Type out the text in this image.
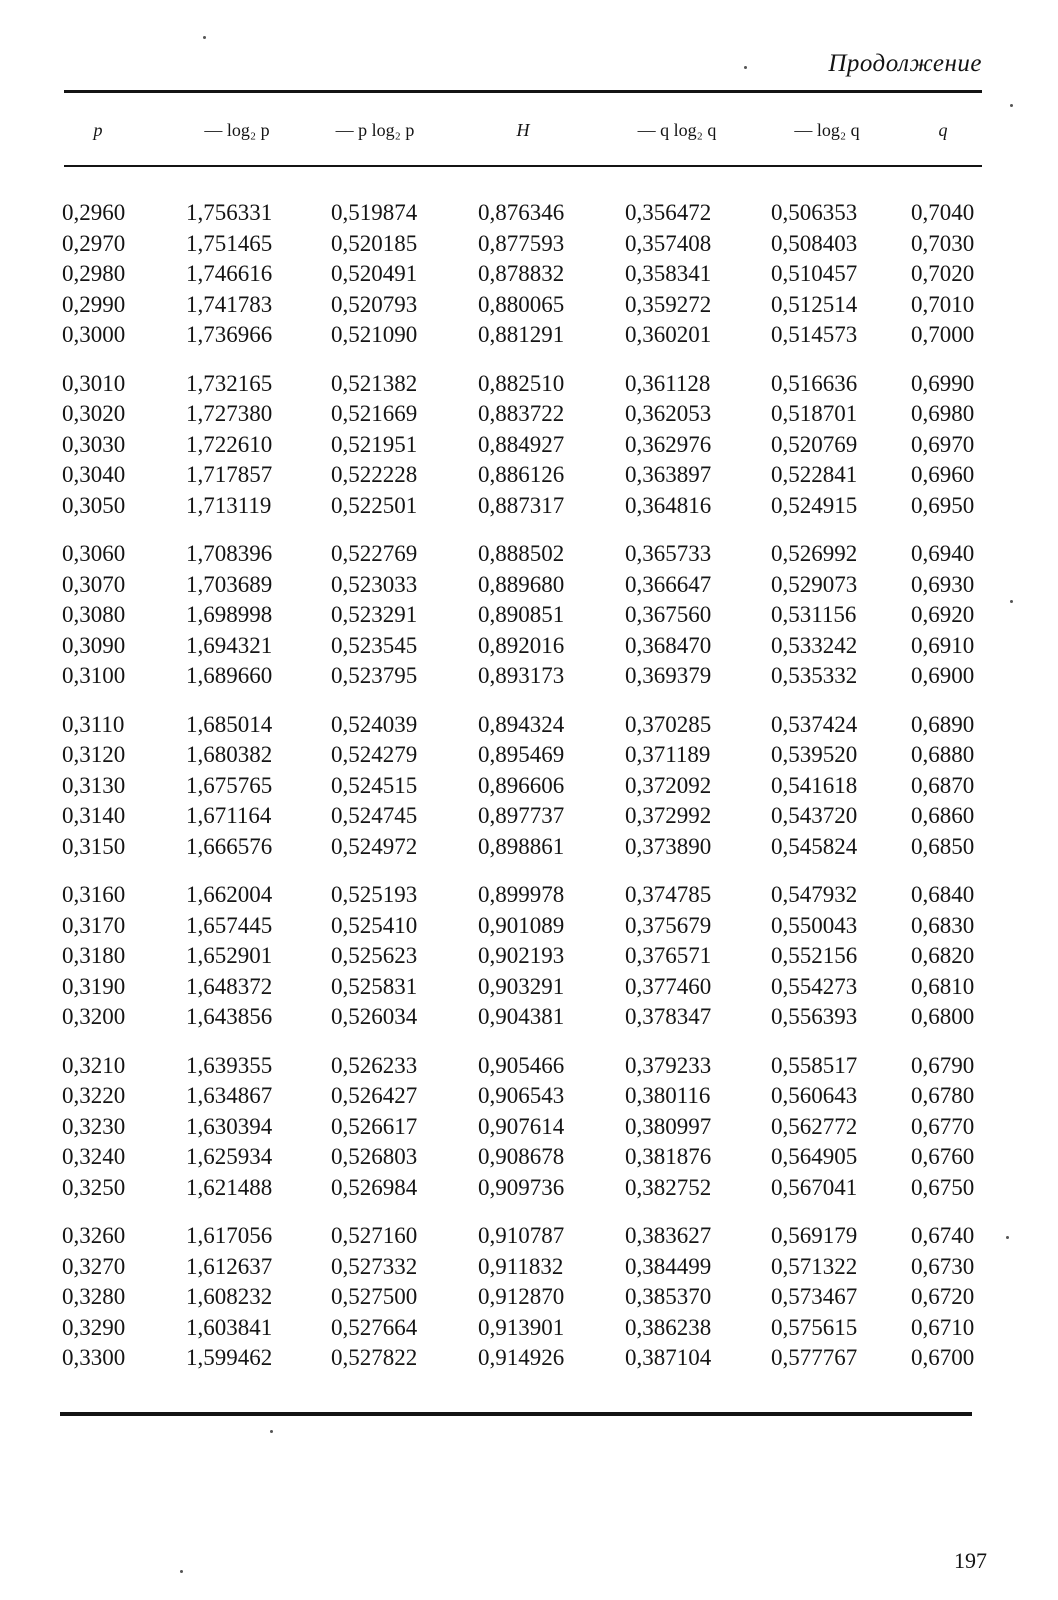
Продолжение
p	— log₂ p	— p log₂ p	H	— q log₂ q	— log₂ q	q
0,2960	1,756331	0,519874	0,876346	0,356472	0,506353 0,7040
0,2970	1,751465	0,520185	0,877593	0,357408	0,508403 0,7030
0,2980	1,746616	0,520491	0,878832	0,358341	0,510457 0,7020
0,2990	1,741783	0,520793	0,880065	0,359272	0,512514 0,7010
0,3000	1,736966	0,521090	0,881291	0,360201	0,514573 0,7000
0,3010	1,732165	0,521382	0,882510	0,361128	0,516636 0,6990
0,3020	1,727380	0,521669	0,883722	0,362053	0,518701 0,6980
0,3030	1,722610	0,521951	0,884927	0,362976	0,520769 0,6970
0,3040	1,717857	0,522228	0,886126	0,363897	0,522841 0,6960
0,3050	1,713119	0,522501	0,887317	0,364816	0,524915 0,6950
0,3060	1,708396	0,522769	0,888502	0,365733	0,526992 0,6940
0,3070	1,703689	0,523033	0,889680	0,366647	0,529073 0,6930
0,3080	1,698998	0,523291	0,890851	0,367560	0,531156 0,6920
0,3090	1,694321	0,523545	0,892016	0,368470	0,533242 0,6910
0,3100	1,689660	0,523795	0,893173	0,369379	0,535332 0,6900
0,3110	1,685014	0,524039	0,894324	0,370285	0,537424 0,6890
0,3120	1,680382	0,524279	0,895469	0,371189	0,539520 0,6880
0,3130	1,675765	0,524515	0,896606	0,372092	0,541618 0,6870
0,3140	1,671164	0,524745	0,897737	0,372992	0,543720 0,6860
0,3150	1,666576	0,524972	0,898861	0,373890	0,545824 0,6850
0,3160	1,662004	0,525193	0,899978	0,374785	0,547932 0,6840
0,3170	1,657445	0,525410	0,901089	0,375679	0,550043 0,6830
0,3180	1,652901	0,525623	0,902193	0,376571	0,552156 0,6820
0,3190	1,648372	0,525831	0,903291	0,377460	0,554273 0,6810
0,3200	1,643856	0,526034	0,904381	0,378347	0,556393 0,6800
0,3210	1,639355	0,526233	0,905466	0,379233	0,558517 0,6790
0,3220	1,634867	0,526427	0,906543	0,380116	0,560643 0,6780
0,3230	1,630394	0,526617	0,907614	0,380997	0,562772 0,6770
0,3240	1,625934	0,526803	0,908678	0,381876	0,564905 0,6760
0,3250	1,621488	0,526984	0,909736	0,382752	0,567041 0,6750
0,3260	1,617056	0,527160	0,910787	0,383627	0,569179 0,6740
0,3270	1,612637	0,527332	0,911832	0,384499	0,571322 0,6730
0,3280	1,608232	0,527500	0,912870	0,385370	0,573467 0,6720
0,3290	1,603841	0,527664	0,913901	0,386238	0,575615 0,6710
0,3300	1,599462	0,527822	0,914926	0,387104	0,577767 0,6700
197
